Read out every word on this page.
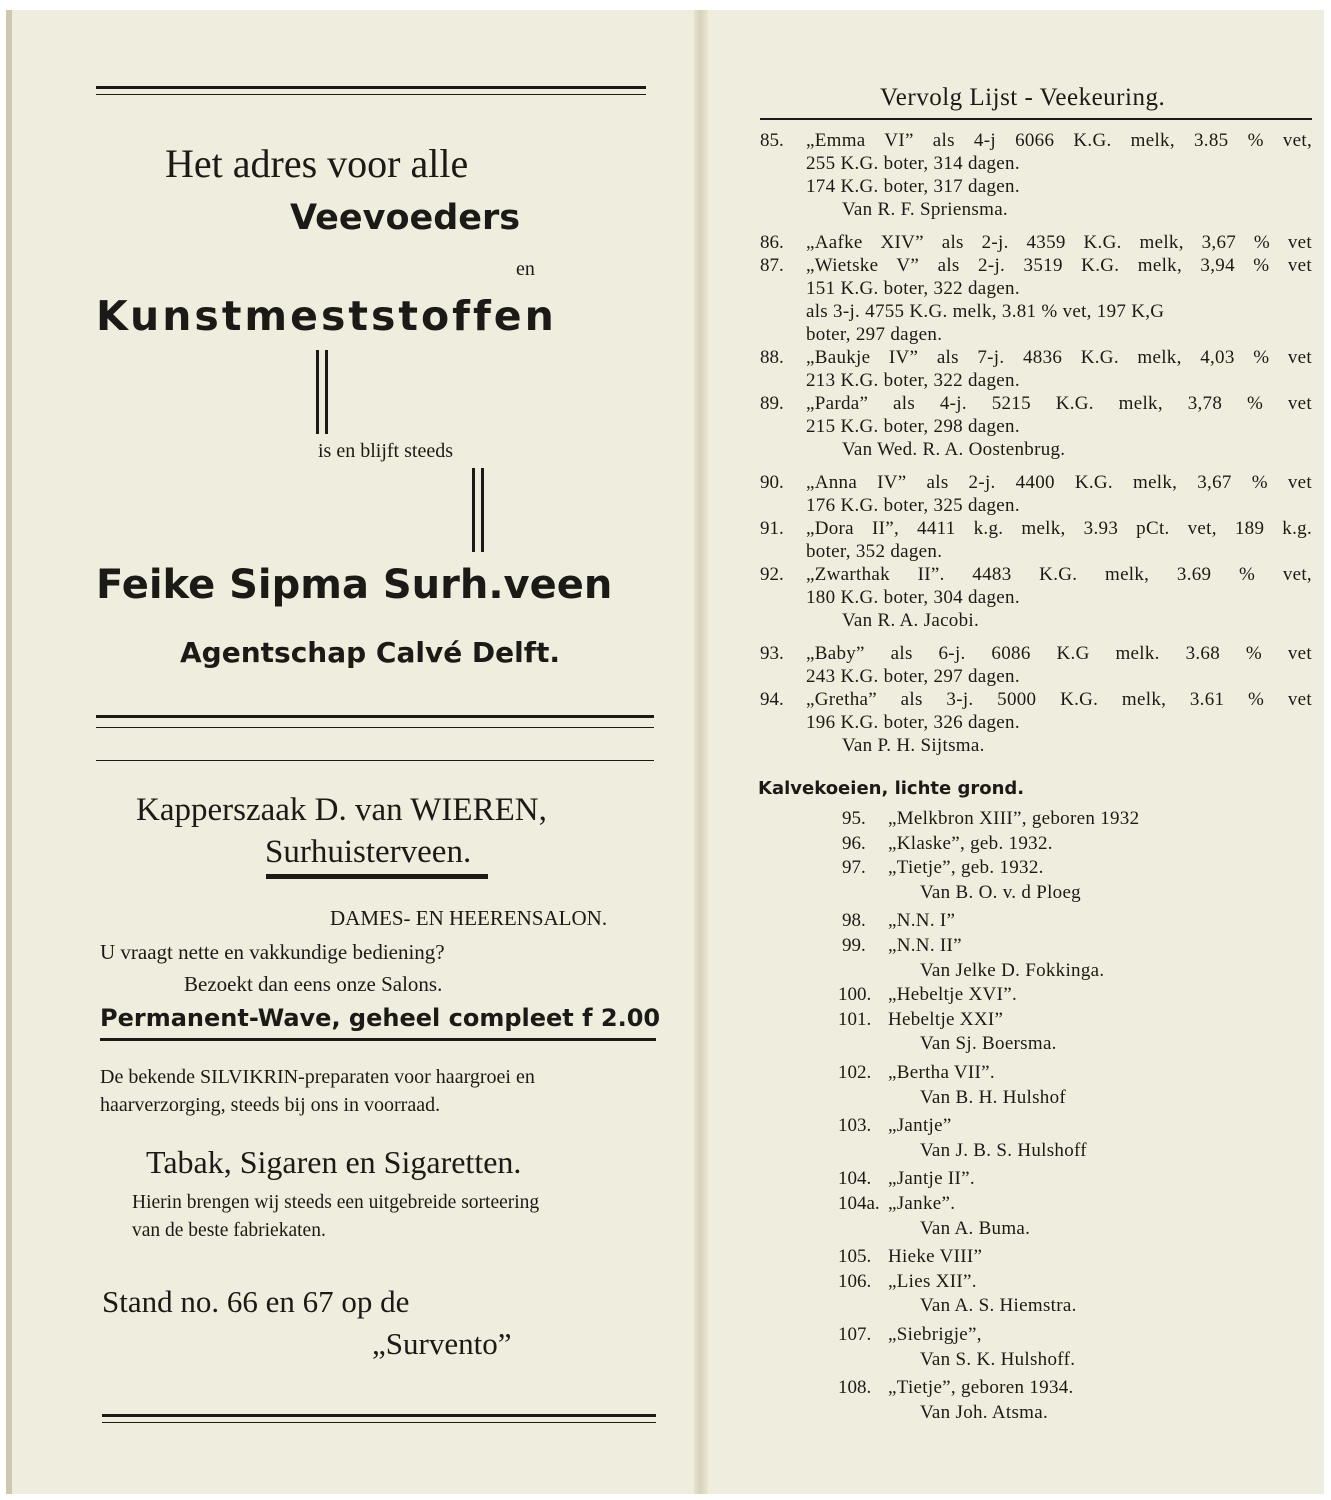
Het adres voor alle
Veevoeders
en
Kunstmeststoffen
is en blijft steeds
Feike Sipma Surh.veen
Agentschap Calvé Delft.
Kapperszaak D. van WIEREN,
Surhuisterveen.
DAMES- EN HEERENSALON.
U vraagt nette en vakkundige bediening?
Bezoekt dan eens onze Salons.
Permanent-Wave, geheel compleet f 2.00
De bekende SILVIKRIN-preparaten voor haargroei en
haarverzorging, steeds bij ons in voorraad.
Tabak, Sigaren en Sigaretten.
Hierin brengen wij steeds een uitgebreide sorteering
van de beste fabriekaten.
Stand no. 66 en 67 op de
„Survento”
Vervolg Lijst - Veekeuring.
85. „Emma VI” als 4-j 6066 K.G. melk, 3.85 % vet,
255 K.G. boter, 314 dagen.
174 K.G. boter, 317 dagen.
Van R. F. Spriensma.
86. „Aafke XIV” als 2-j. 4359 K.G. melk, 3,67 % vet
87. „Wietske V” als 2-j. 3519 K.G. melk, 3,94 % vet
151 K.G. boter, 322 dagen.
als 3-j. 4755 K.G. melk, 3.81 % vet, 197 K,G
boter, 297 dagen.
88. „Baukje IV” als 7-j. 4836 K.G. melk, 4,03 % vet
213 K.G. boter, 322 dagen.
89. „Parda” als 4-j. 5215 K.G. melk, 3,78 % vet
215 K.G. boter, 298 dagen.
Van Wed. R. A. Oostenbrug.
90. „Anna IV” als 2-j. 4400 K.G. melk, 3,67 % vet
176 K.G. boter, 325 dagen.
91. „Dora II”, 4411 k.g. melk, 3.93 pCt. vet, 189 k.g.
boter, 352 dagen.
92. „Zwarthak II”. 4483 K.G. melk, 3.69 % vet,
180 K.G. boter, 304 dagen.
Van R. A. Jacobi.
93. „Baby” als 6-j. 6086 K.G melk. 3.68 % vet
243 K.G. boter, 297 dagen.
94. „Gretha” als 3-j. 5000 K.G. melk, 3.61 % vet
196 K.G. boter, 326 dagen.
Van P. H. Sijtsma.
Kalvekoeien, lichte grond.
95. „Melkbron XIII”, geboren 1932
96. „Klaske”, geb. 1932.
97. „Tietje”, geb. 1932.
Van B. O. v. d Ploeg
98. „N.N. I”
99. „N.N. II”
Van Jelke D. Fokkinga.
100. „Hebeltje XVI”.
101. Hebeltje XXI”
Van Sj. Boersma.
102. „Bertha VII”.
Van B. H. Hulshof
103. „Jantje”
Van J. B. S. Hulshoff
104. „Jantje II”.
104a. „Janke”.
Van A. Buma.
105. Hieke VIII”
106. „Lies XII”.
Van A. S. Hiemstra.
107. „Siebrigje”,
Van S. K. Hulshoff.
108. „Tietje”, geboren 1934.
Van Joh. Atsma.
